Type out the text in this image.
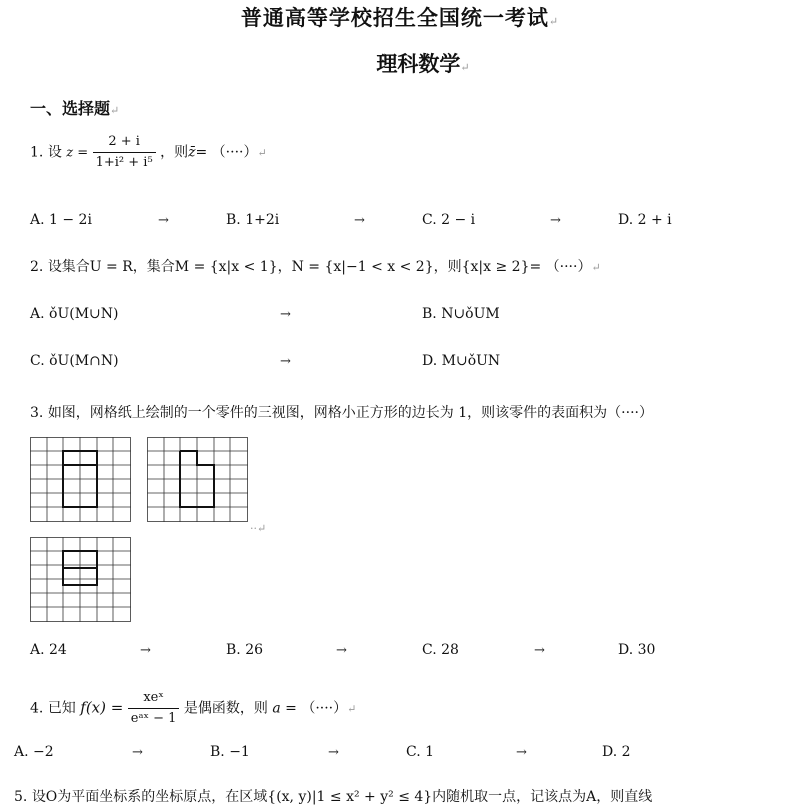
普通高等学校招生全国统一考试↵
理科数学↵
一、选择题↵
1. 设 $z = \frac{2 + i}{\text{1+i² + i⁵}}$ ，则z̄= （····）↵
A. 1 − 2i	→	B. 1+2i	→	C. 2 − i	→	D. 2 + i
2. 设集合U = R，集合M = {x|x < 1}，N = {x|−1 < x < 2}，则{x|x ≥ 2}= （····）↵
A. ǒU(M∪N)	→	B. N∪ǒUM
C. ǒU(M∩N)	→	D. M∪ǒUN
3. 如图，网格纸上绘制的一个零件的三视图，网格小正方形的边长为 1，则该零件的表面积为（····）
··↵
A. 24	→	B. 26	→	C. 28	→	D. 30
4. 已知 $f(x) = \frac{\text{xeˣ}}{\text{eᵃˣ − 1}}$ 是偶函数，则 a = （····）↵
A. −2	→	B. −1	→	C. 1	→	D. 2
5. 设O为平面坐标系的坐标原点，在区域{(x, y)|1 ≤ x² + y² ≤ 4}内随机取一点，记该点为A，则直线
